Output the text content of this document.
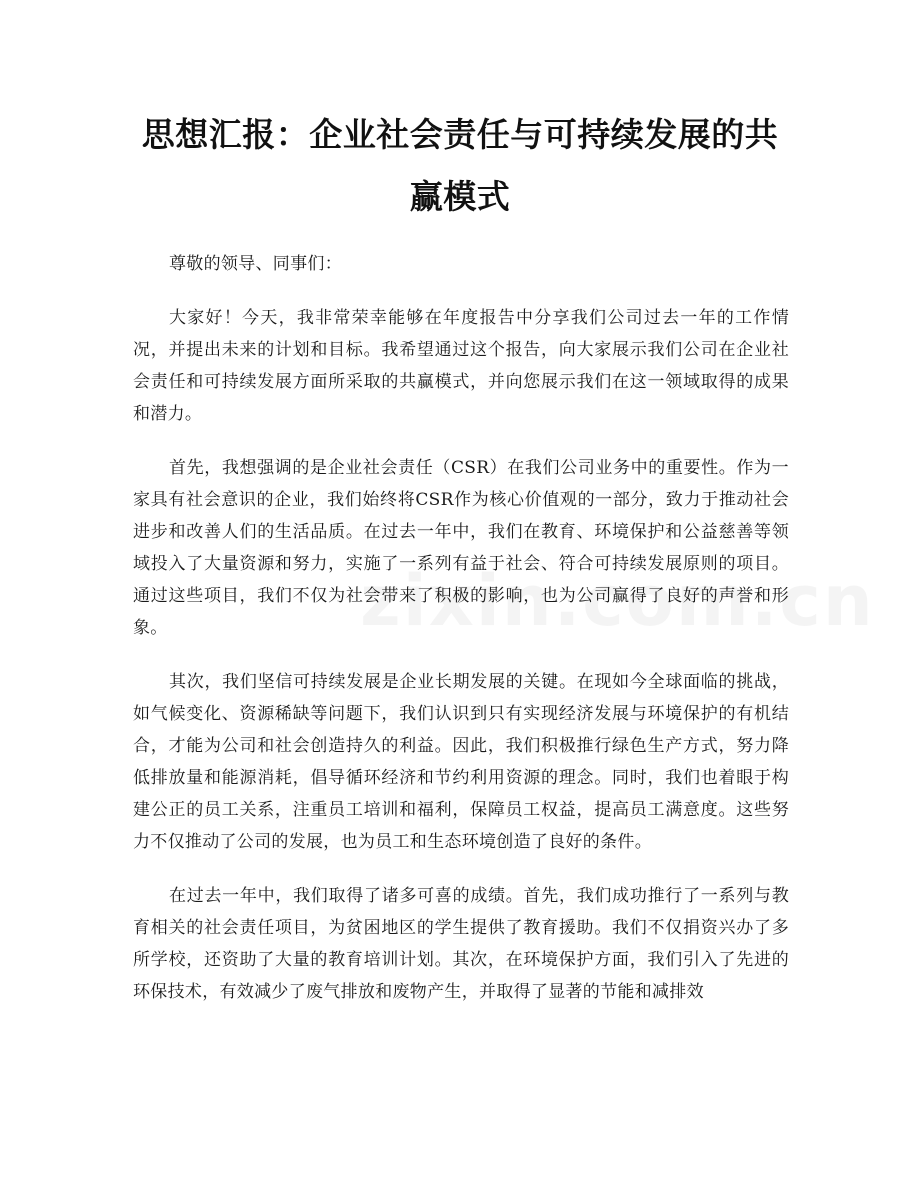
思想汇报：企业社会责任与可持续发展的共赢模式

尊敬的领导、同事们：

大家好！今天，我非常荣幸能够在年度报告中分享我们公司过去一年的工作情况，并提出未来的计划和目标。我希望通过这个报告，向大家展示我们公司在企业社会责任和可持续发展方面所采取的共赢模式，并向您展示我们在这一领域取得的成果和潜力。

首先，我想强调的是企业社会责任（CSR）在我们公司业务中的重要性。作为一家具有社会意识的企业，我们始终将CSR作为核心价值观的一部分，致力于推动社会进步和改善人们的生活品质。在过去一年中，我们在教育、环境保护和公益慈善等领域投入了大量资源和努力，实施了一系列有益于社会、符合可持续发展原则的项目。通过这些项目，我们不仅为社会带来了积极的影响，也为公司赢得了良好的声誉和形象。

其次，我们坚信可持续发展是企业长期发展的关键。在现如今全球面临的挑战，如气候变化、资源稀缺等问题下，我们认识到只有实现经济发展与环境保护的有机结合，才能为公司和社会创造持久的利益。因此，我们积极推行绿色生产方式，努力降低排放量和能源消耗，倡导循环经济和节约利用资源的理念。同时，我们也着眼于构建公正的员工关系，注重员工培训和福利，保障员工权益，提高员工满意度。这些努力不仅推动了公司的发展，也为员工和生态环境创造了良好的条件。

在过去一年中，我们取得了诸多可喜的成绩。首先，我们成功推行了一系列与教育相关的社会责任项目，为贫困地区的学生提供了教育援助。我们不仅捐资兴办了多所学校，还资助了大量的教育培训计划。其次，在环境保护方面，我们引入了先进的环保技术，有效减少了废气排放和废物产生，并取得了显著的节能和减排效
